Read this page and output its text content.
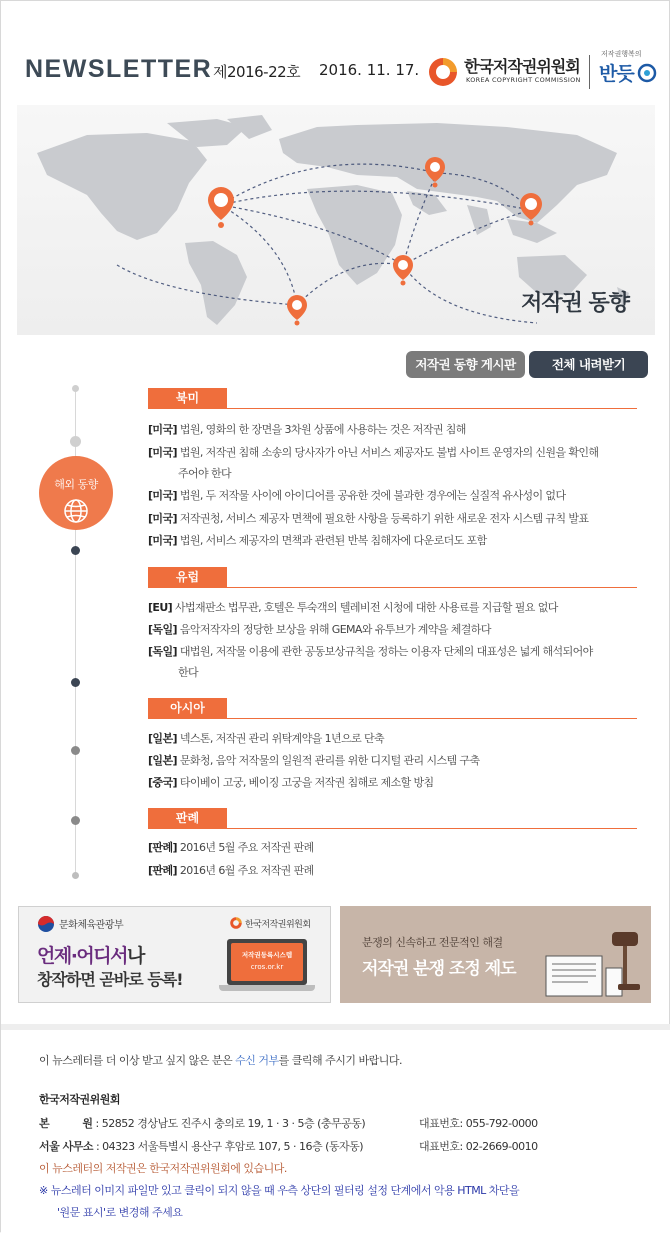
NEWSLETTER 제2016-22호 2016. 11. 17.	한국저작권위원회
KOREA COPYRIGHT COMMISSION
저작권행복의
반듯
저작권 동향
저작권 동향 게시판	전체 내려받기
해외 동향
북미
[미국] 법원, 영화의 한 장면을 3차원 상품에 사용하는 것은 저작권 침해
[미국] 법원, 저작권 침해 소송의 당사자가 아닌 서비스 제공자도 불법 사이트 운영자의 신원을 확인해
주어야 한다
[미국] 법원, 두 저작물 사이에 아이디어를 공유한 것에 불과한 경우에는 실질적 유사성이 없다
[미국] 저작권청, 서비스 제공자 면책에 필요한 사항을 등록하기 위한 새로운 전자 시스템 규칙 발표
[미국] 법원, 서비스 제공자의 면책과 관련된 반복 침해자에 다운로더도 포함
유럽
[EU] 사법재판소 법무관, 호텔은 투숙객의 텔레비전 시청에 대한 사용료를 지급할 필요 없다
[독일] 음악저작자의 정당한 보상을 위해 GEMA와 유투브가 계약을 체결하다
[독일] 대법원, 저작물 이용에 관한 공동보상규칙을 정하는 이용자 단체의 대표성은 넓게 해석되어야
한다
아시아
[일본] 넥스톤, 저작권 관리 위탁계약을 1년으로 단축
[일본] 문화청, 음악 저작물의 일원적 관리를 위한 디지털 관리 시스템 구축
[중국] 타이베이 고궁, 베이징 고궁을 저작권 침해로 제소할 방침
판례
[판례] 2016년 5월 주요 저작권 판례
[판례] 2016년 6월 주요 저작권 판례
문화체육관광부	한국저작권위원회
언제·어디서나
창작하면 곧바로 등록!
저작권등록시스템
cros.or.kr
분쟁의 신속하고 전문적인 해결
저작권 분쟁 조정 제도
이 뉴스레터를 더 이상 받고 싶지 않은 분은 수신 거부를 클릭해 주시기 바랍니다.
한국저작권위원회
본          원 : 52852 경상남도 진주시 충의로 19, 1 · 3 · 5층 (충무공동)	대표번호: 055-792-0000
서울 사무소 : 04323 서울특별시 용산구 후암로 107, 5 · 16층 (동자동)	대표번호: 02-2669-0010
이 뉴스레터의 저작권은 한국저작권위원회에 있습니다.
※ 뉴스레터 이미지 파일만 있고 클릭이 되지 않을 때 우측 상단의 필터링 설정 단계에서 악용 HTML 차단을
'원문 표시'로 변경해 주세요
